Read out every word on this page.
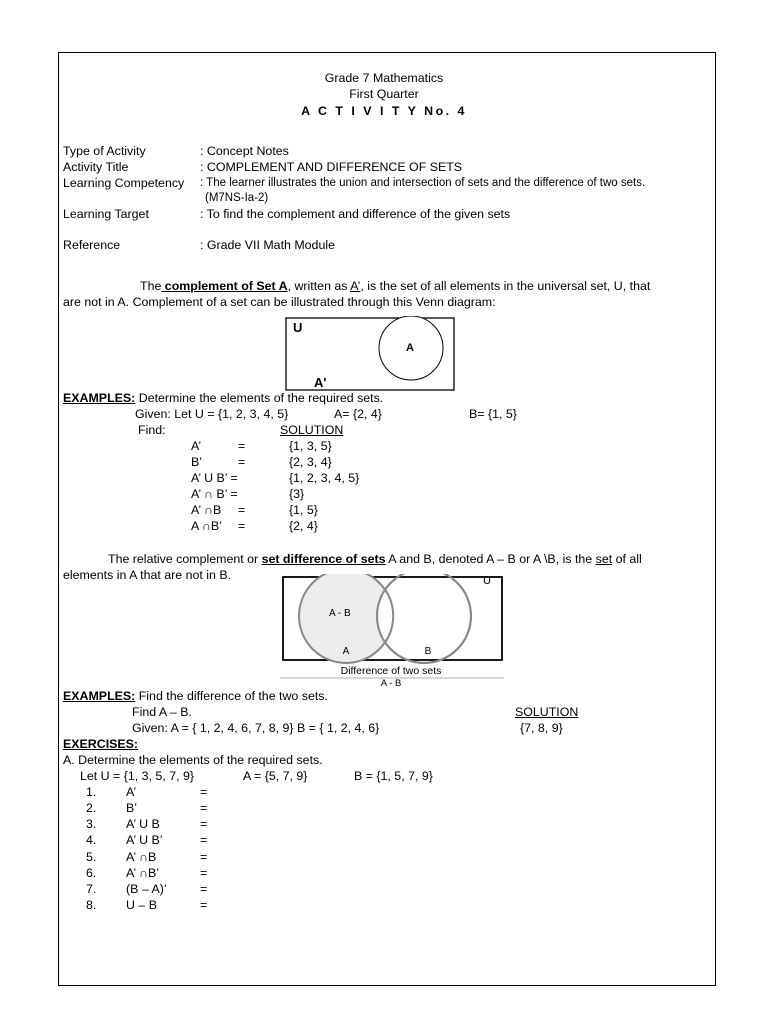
Grade 7 Mathematics
First Quarter
A C T I V I T Y No. 4
Type of Activity	: Concept Notes
Activity Title	: COMPLEMENT AND DIFFERENCE OF SETS
Learning Competency : The learner illustrates the union and intersection of sets and the difference of two sets.
(M7NS-Ia-2)
Learning Target	: To find the complement and difference of the given sets
Reference	: Grade VII Math Module
The complement of Set A, written as A’, is the set of all elements in the universal set, U, that
are not in A. Complement of a set can be illustrated through this Venn diagram:
U
A
A'
EXAMPLES: Determine the elements of the required sets.
Given: Let U = {1, 2, 3, 4, 5}	A= {2, 4}	B= {1, 5}
Find:	SOLUTION
A’	=	{1, 3, 5}
B’	=	{2, 3, 4}
A’ U B’ =	{1, 2, 3, 4, 5}
A’ ∩ B’ =	{3}
A’ ∩B =	{1, 5}
A ∩B’ =	{2, 4}
The relative complement or set difference of sets A and B, denoted A – B or A \B, is the set of all
elements in A that are not in B.	U
A - B
A	B
Difference of two sets
A - B
EXAMPLES: Find the difference of the two sets.
Find A – B.	SOLUTION
Given: A = { 1, 2, 4, 6, 7, 8, 9} B = { 1, 2, 4, 6}	{7, 8, 9}
EXERCISES:
A. Determine the elements of the required sets.
Let U = {1, 3, 5, 7, 9}	A = {5, 7, 9}	B = {1, 5, 7, 9}
1. A’	=
2. B’	=
3. A’ U B	=
4. A’ U B’	=
5. A’ ∩B	=
6. A’ ∩B’	=
7. (B – A)’	=
8. U – B	=
